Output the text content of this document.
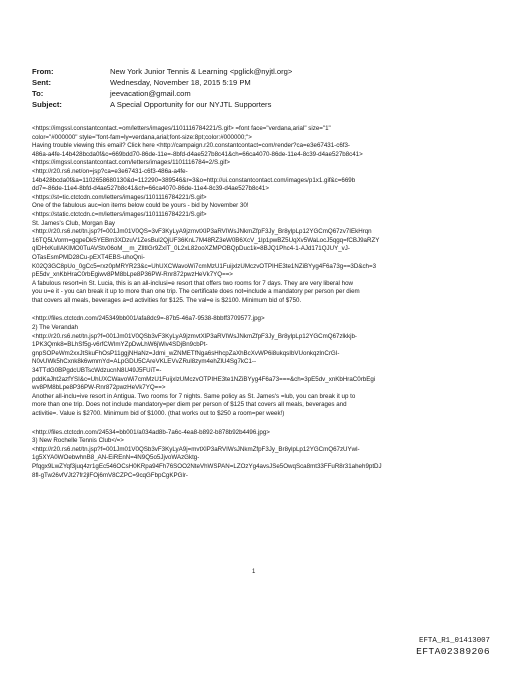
From:	New York Junior Tennis & Learning <pglick@nyjtl.org>
Sent:	Wednesday, November 18, 2015 5:19 PM
To:	jeevacation@gmail.com
Subject:	A Special Opportunity for our NYJTL Supporters
<https://imgssl.constantcontact.=om/letters/images/1101116784221/S.gif> =font face="verdana,arial" size="1"
color="#000000" style="font-fam=ly=verdana,arial;font-size:8pt;color:#000000;">
Having trouble viewing this email? Click here <http://campaign.r20.constantcontact=com/render?ca=e3e67431-c6f3-
486a-a4fe-14b428bcda0f&c=669bdd70-86de-11e=-8bfd-d4ae527b8c41&ch=66ca4070-86de-11e4-8c39-d4ae527b8c41>
<https://imgssl.constantcontact.com/letters/images/1101116784=2/S.gif>
<http://r20.rs6.net/on=jsp?ca=e3e67431-c6f3-486a-a4fe-
14b428bcda0f&a=1102658680130&d=112290=389546&r=3&o=http://ui.constantcontact.com/images/p1x1.gif&c=669b
dd7=-86de-11e4-8bfd-d4ae527b8c41&ch=66ca4070-86de-11e4-8c39-d4ae527b8c41>
<https://st=tic.ctctcdn.com/letters/images/1101116784221/S.gif>
One of the fabulous auc=ion items below could be yours - bid by November 30!
<https://static.ctctcdn.c=m/letters/images/1101116784221/S.gif>
St. James's Club, Morgan Bay
<http://r20.rs6.net/tn.jsp?f=001Jm01V0QS=3vF3KyLyA9jzmvtXlP3aRVIWsJNkmZfpF3Jy_Br8ylpLp12YGCmQ67zv7IEkHrqn
16TQ5LVorm=gqpeDk5YEBm3XDzuV1ZesBul2QjUF36KnL7M48RZ3eW0B6XcV_1lp1pwBZ5UqXv5WaLocJ5qgq=fCBJ9aRZY
qIDHxKulIAKIMO0TuAVStv06oM__m_ZlltIGr9ZxIT_0L2xL82ooXZMPOBQpDuc1k=8BJQ1Phc4-1-AJd171QJUY_vJ-
OTasEsmPMD28Cu-pEXT4EBS-uhoQni-
K02Q3GC8pUo_0gCc5=rxz0pMRYR23&c=UhUXCWavoWi7cmMzU1FuijxlzUMczvOTPIHE3te1NZiBYyg4F6a73g==3D&ch=3
pE5dv_xnKbHraC0rbEgiwv8PM8bLpe8P36PW-Rnr872pwzHeVk7YQ==>
A fabulous resort=in St. Lucia, this is an all-inclusi=e resort that offers two rooms for 7 days. They are very liberal how
you u=e it - you can break it up to more than one trip. The certificate does not=include a mandatory per person per diem
that covers all meals, beverages a=d activities for $125. The val=e is $2100. Minimum bid of $750.
<http://files.ctctcdn.com/245349bb001/afa8dc9=-87b5-46a7-9538-8bbff3709577.jpg>
2) The Verandah
<http://r20.rs6.net/tn.jsp?f=001Jm01V0QSb3vF3KyLyA9jzmvtXlP3aRVIWsJNkmZfpF3Jy_Br8ylpLp12YGCmQ67zlkkjb-
1PK3Qmk8=BLhSf5g-v6rfCWImYZpDwLhW6jWlv4SDjBn9cbPt-
gnpSOPeWm2xxJtSkuFhOsP11ggjNHaNz=Jdmi_wZNMETfNga6sHhcpZaXhBcXvWP6i8ukqsIbVUonkqzlnCrGI-
N0vUWk5hCxnk8k6wmmYd=ALpGDU5CAreVKLEVvZRul8zym4ehZlU4Sg7kC1--
34TTdG0BPgdcUBTscWdzucnN8U49J5FUiT=-
pddKaJht2azfYSI&c=UhUXCWavoWi7cmMzU1FuijxlzUMczvOTPIHE3te1NZiBYyg4F6a73===&ch=3pE5dv_xnKbHraC0rbEgi
wv8PM8bLpe8P36PW-Rnr872pwzHeVk7YQ==>
Another all-inclu=ive resort in Antigua. Two rooms for 7 nights. Same policy as St. James's =lub, you can break it up to
more than one trip. Does not include mandatory=per diem per person of $125 that covers all meals, beverages and
activitie=. Value is $2700. Minimum bid of $1000. (that works out to $250 a room=per week!)
<http://files.ctctcdn.com/24534=bb001/a034ad8b-7a6c-4ea8-b892-b878b92b4496.jpg>
3) New Rochelle Tennis Club</=>
<http://r20.rs6.net/tn.jsp?f=001Jm01V0QSb3vF3KyLyA9j=mvtXlP3aRVIWsJNkmZfpF3Jy_Br8ylpLp12YGCmQ67zUYwl-
1g5XYA0WOebwhnB8_AN-EiREnN=4N9Q5o5JjvoWAzGktg-
Pfqgx9LwZYqf3juq4zr1gEc546OCsH0KRpa94Fh76SOO2NteVhWSPAN=LZOzYg4avsJSe5OwqSca8mt33FFuR8r31aheh9ptDJ
8fl-gTw26vfVJt27fr2jlFOj6mV8CZPC=9cqGFbpCgKPGlr-
1
EFTA_R1_01413007
EFTA02389206
